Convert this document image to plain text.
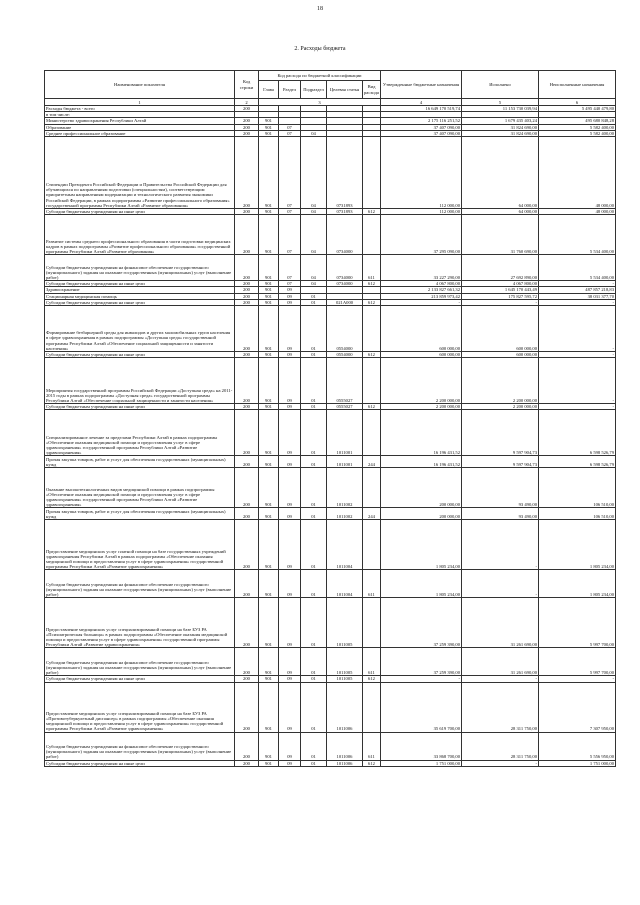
18
2. Расходы бюджета
Наименование показателя	Код строки	Код расхода по бюджетной классификации					Утвержденные бюджетные назначения	Исполнено	Неисполненные назначения
		Глава	Раздел	Подраздел	Целевая статья	Вид расхода			
1	2	3					4	5	6
Расходы бюджета - всего	200						16 649 170 519,74	11 153 730 039,94	5 495 440 479,80
в том числе:									
Министерство здравоохранения Республики Алтай	200	901					2 175 116 251,52	1 679 435 403,24	495 680 848,28
Образование	200	901	07				37 407 090,00	31 824 690,00	5 582 400,00
Среднее профессиональное образование	200	901	07	04			37 407 090,00	31 824 690,00	5 582 400,00
Стипендии Президента Российской Федерации и Правительства Российской Федерации для обучающихся по направлениям подготовки (специальностям), соответствующим приоритетным направлениям модернизации и технологического развития экономики Российской Федерации, в рамках подпрограммы «Развитие профессионального образования» государственной программы Республики Алтай «Развитие образования»	200	901	07	04	0731893		112 000,00	64 000,00	48 000,00
Субсидии бюджетным учреждениям на иные цели	200	901	07	04	0731893	612	112 000,00	64 000,00	48 000,00
Развитие системы среднего профессионального образования в части подготовки медицинских кадров в рамках подпрограммы «Развитие профессионального образования» государственной программы Республики Алтай «Развитие образования»	200	901	07	04	0734000		37 295 090,00	31 760 690,00	5 534 400,00
Субсидии бюджетным учреждениям на финансовое обеспечение государственного (муниципального) задания на оказание государственных (муниципальных) услуг (выполнение работ)	200	901	07	04	0734000	611	33 227 290,00	27 692 890,00	5 534 400,00
Субсидии бюджетным учреждениям на иные цели	200	901	07	04	0734000	612	4 067 800,00	4 067 800,00	-
Здравоохранение	200	901	09				2 133 827 661,32	1 645 170 443,49	487 857 218,83
Стационарная медицинская помощь	200	901	09	01			213 859 973,42	175 827 595,72	38 031 377,70
Субсидии бюджетным учреждениям на иные цели	200	901	09	01	021A000	612	-	-	-
Формирование безбарьерной среды для инвалидов и других маломобильных групп населения в сфере здравоохранения в рамках подпрограммы «Доступная среда» государственной программы Республики Алтай «Обеспечение социальной защищенности и занятости населения»	200	901	09	01	0554000		600 000,00	600 000,00	-
Субсидии бюджетным учреждениям на иные цели	200	901	09	01	0554000	612	600 000,00	600 000,00	-
Мероприятия государственной программы Российской Федерации «Доступная среда» на 2011-2015 годы в рамках подпрограммы «Доступная среда» государственной программы Республики Алтай «Обеспечение социальной защищенности и занятости населения»	200	901	09	01	0555027		2 200 000,00	2 200 000,00	-
Субсидии бюджетным учреждениям на иные цели	200	901	09	01	0555027	612	2 200 000,00	2 200 000,00	-
Специализированное лечение за пределами Республики Алтай в рамках подпрограммы «Обеспечение оказания медицинской помощи и предоставления услуг в сфере здравоохранения» государственной программы Республики Алтай «Развитие здравоохранения»	200	901	09	01	1011001		16 196 431,52	9 597 904,73	6 598 526,79
Прочая закупка товаров, работ и услуг для обеспечения государственных (муниципальных) нужд	200	901	09	01	1011001	244	16 196 431,52	9 597 904,73	6 598 526,79
Оказание высокотехнологичных видов медицинской помощи в рамках подпрограммы «Обеспечение оказания медицинской помощи и предоставления услуг в сфере здравоохранения» государственной программы Республики Алтай «Развитие здравоохранения»	200	901	09	01	1011002		200 000,00	93 490,00	106 510,00
Прочая закупка товаров, работ и услуг для обеспечения государственных (муниципальных) нужд	200	901	09	01	1011002	244	200 000,00	93 490,00	106 510,00
Предоставление медицинских услуг платной помощи на базе государственных учреждений здравоохранения Республики Алтай в рамках подпрограммы «Обеспечение оказания медицинской помощи и предоставления услуг в сфере здравоохранения» государственной программы Республики Алтай «Развитие здравоохранения»	200	901	09	01	1011004		1 805 234,00	-	1 805 234,00
Субсидии бюджетным учреждениям на финансовое обеспечение государственного (муниципального) задания на оказание государственных (муниципальных) услуг (выполнение работ)	200	901	09	01	1011004	611	1 805 234,00	-	1 805 234,00
Предоставление медицинских услуг специализированной помощи на базе БУЗ РА «Психиатрическая больница» в рамках подпрограммы «Обеспечение оказания медицинской помощи и предоставления услуг в сфере здравоохранения» государственной программы Республики Алтай «Развитие здравоохранения»	200	901	09	01	1011005		37 259 390,00	31 261 690,00	5 997 700,00
Субсидии бюджетным учреждениям на финансовое обеспечение государственного (муниципального) задания на оказание государственных (муниципальных) услуг (выполнение работ)	200	901	09	01	1011005	611	37 259 390,00	31 261 690,00	5 997 700,00
Субсидии бюджетным учреждениям на иные цели	200	901	09	01	1011005	612	-	-	-
Предоставление медицинских услуг специализированной помощи на базе БУЗ РА «Противотуберкулезный диспансер» в рамках подпрограммы «Обеспечение оказания медицинской помощи и предоставления услуг в сфере здравоохранения» государственной программы Республики Алтай «Развитие здравоохранения»	200	901	09	01	1011006		35 619 700,00	28 311 750,00	7 307 950,00
Субсидии бюджетным учреждениям на финансовое обеспечение государственного (муниципального) задания на оказание государственных (муниципальных) услуг (выполнение работ)	200	901	09	01	1011006	611	33 868 700,00	28 311 750,00	5 556 950,00
Субсидии бюджетным учреждениям на иные цели	200	901	09	01	1011006	612	1 751 000,00	-	1 751 000,00
